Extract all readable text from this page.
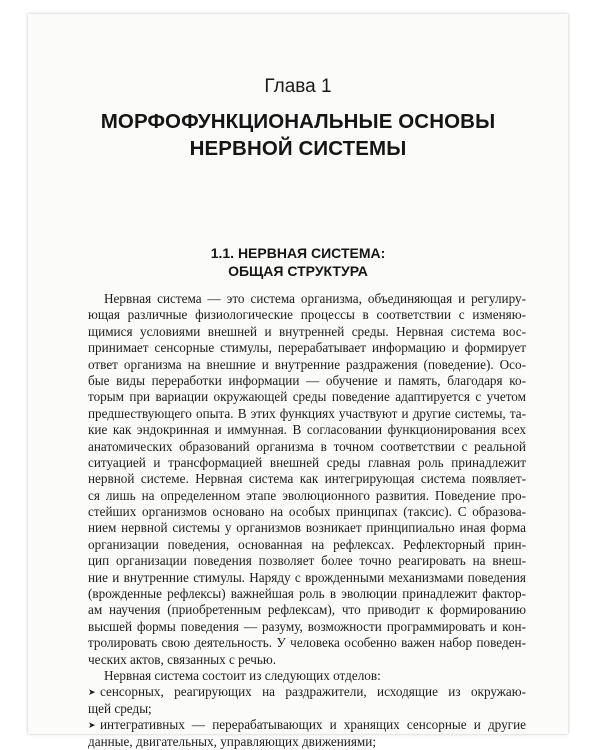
Глава 1
МОРФОФУНКЦИОНАЛЬНЫЕ ОСНОВЫ
НЕРВНОЙ СИСТЕМЫ
1.1. НЕРВНАЯ СИСТЕМА:
ОБЩАЯ СТРУКТУРА
Нервная система — это система организма, объединяющая и регулиру-
ющая различные физиологические процессы в соответствии с изменяю-
щимися условиями внешней и внутренней среды. Нервная система вос-
принимает сенсорные стимулы, перерабатывает информацию и формирует
ответ организма на внешние и внутренние раздражения (поведение). Осо-
бые виды переработки информации — обучение и память, благодаря ко-
торым при вариации окружающей среды поведение адаптируется с учетом
предшествующего опыта. В этих функциях участвуют и другие системы, та-
кие как эндокринная и иммунная. В согласовании функционирования всех
анатомических образований организма в точном соответствии с реальной
ситуацией и трансформацией внешней среды главная роль принадлежит
нервной системе. Нервная система как интегрирующая система появляет-
ся лишь на определенном этапе эволюционного развития. Поведение про-
стейших организмов основано на особых принципах (таксис). С образова-
нием нервной системы у организмов возникает принципиально иная форма
организации поведения, основанная на рефлексах. Рефлекторный прин-
цип организации поведения позволяет более точно реагировать на внеш-
ние и внутренние стимулы. Наряду с врожденными механизмами поведения
(врожденные рефлексы) важнейшая роль в эволюции принадлежит фактор-
ам научения (приобретенным рефлексам), что приводит к формированию
высшей формы поведения — разуму, возможности программировать и кон-
тролировать свою деятельность. У человека особенно важен набор поведен-
ческих актов, связанных с речью.
Нервная система состоит из следующих отделов:
➤ сенсорных, реагирующих на раздражители, исходящие из окружаю-
щей среды;
➤ интегративных — перерабатывающих и хранящих сенсорные и другие
данные, двигательных, управляющих движениями;
